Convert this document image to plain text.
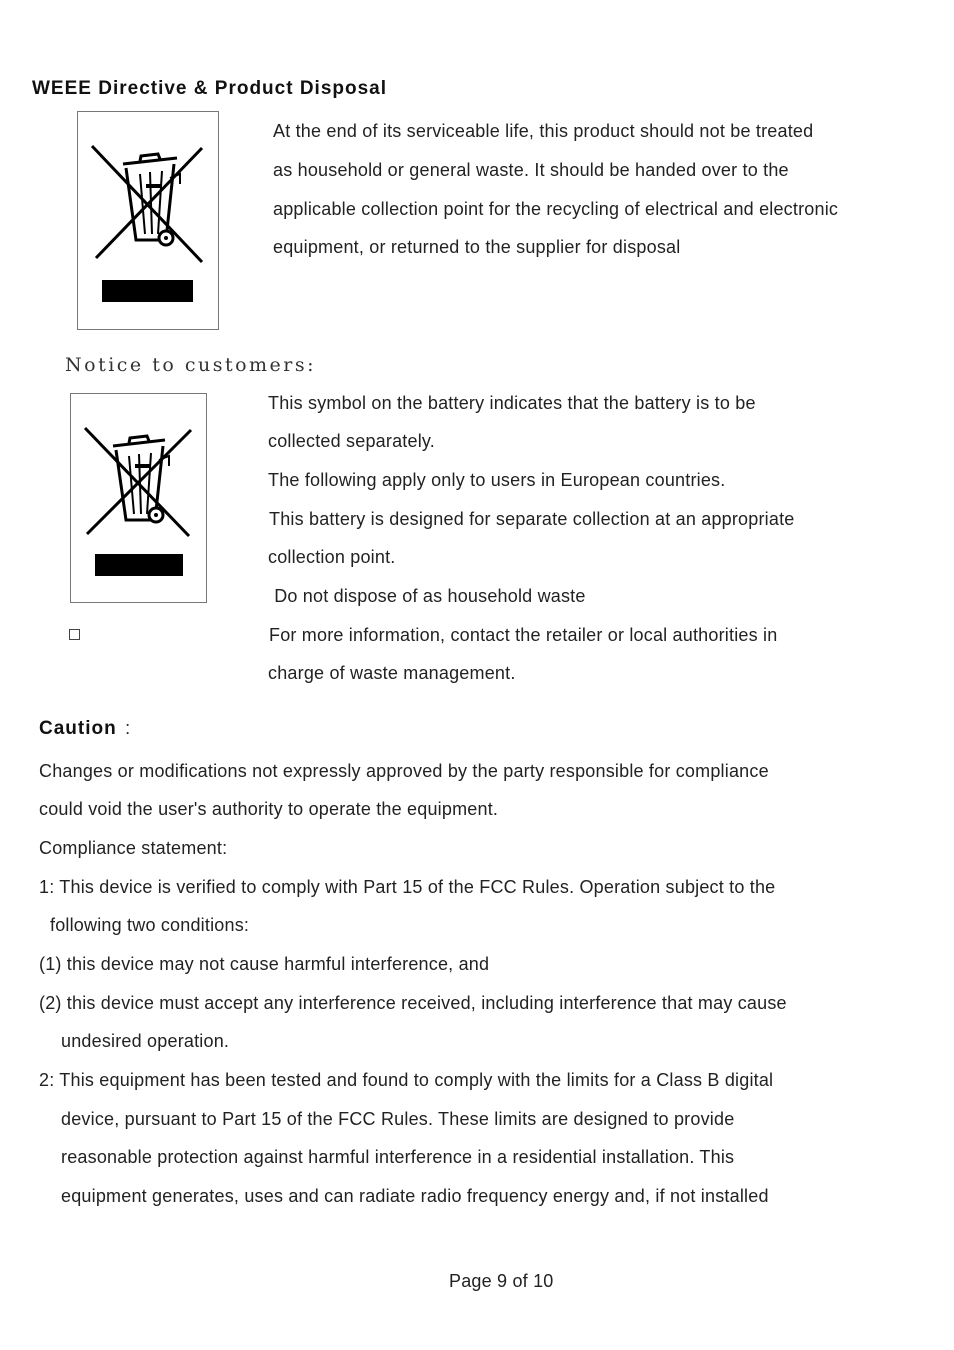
WEEE Directive & Product Disposal
At the end of its serviceable life, this product should not be treated
as household or general waste. It should be handed over to the
applicable collection point for the recycling of electrical and electronic
equipment, or returned to the supplier for disposal
Notice to customers:
This symbol on the battery indicates that the battery is to be
collected separately.
The following apply only to users in European countries.
This battery is designed for separate collection at an appropriate
collection point.
Do not dispose of as household waste
For more information, contact the retailer or local authorities in
charge of waste management.
Caution :
Changes or modifications not expressly approved by the party responsible for compliance
could void the user's authority to operate the equipment.
Compliance statement:
1: This device is verified to comply with Part 15 of the FCC Rules. Operation subject to the
following two conditions:
(1) this device may not cause harmful interference, and
(2) this device must accept any interference received, including interference that may cause
undesired operation.
2: This equipment has been tested and found to comply with the limits for a Class B digital
device, pursuant to Part 15 of the FCC Rules. These limits are designed to provide
reasonable protection against harmful interference in a residential installation. This
equipment generates, uses and can radiate radio frequency energy and, if not installed
Page 9 of 10
